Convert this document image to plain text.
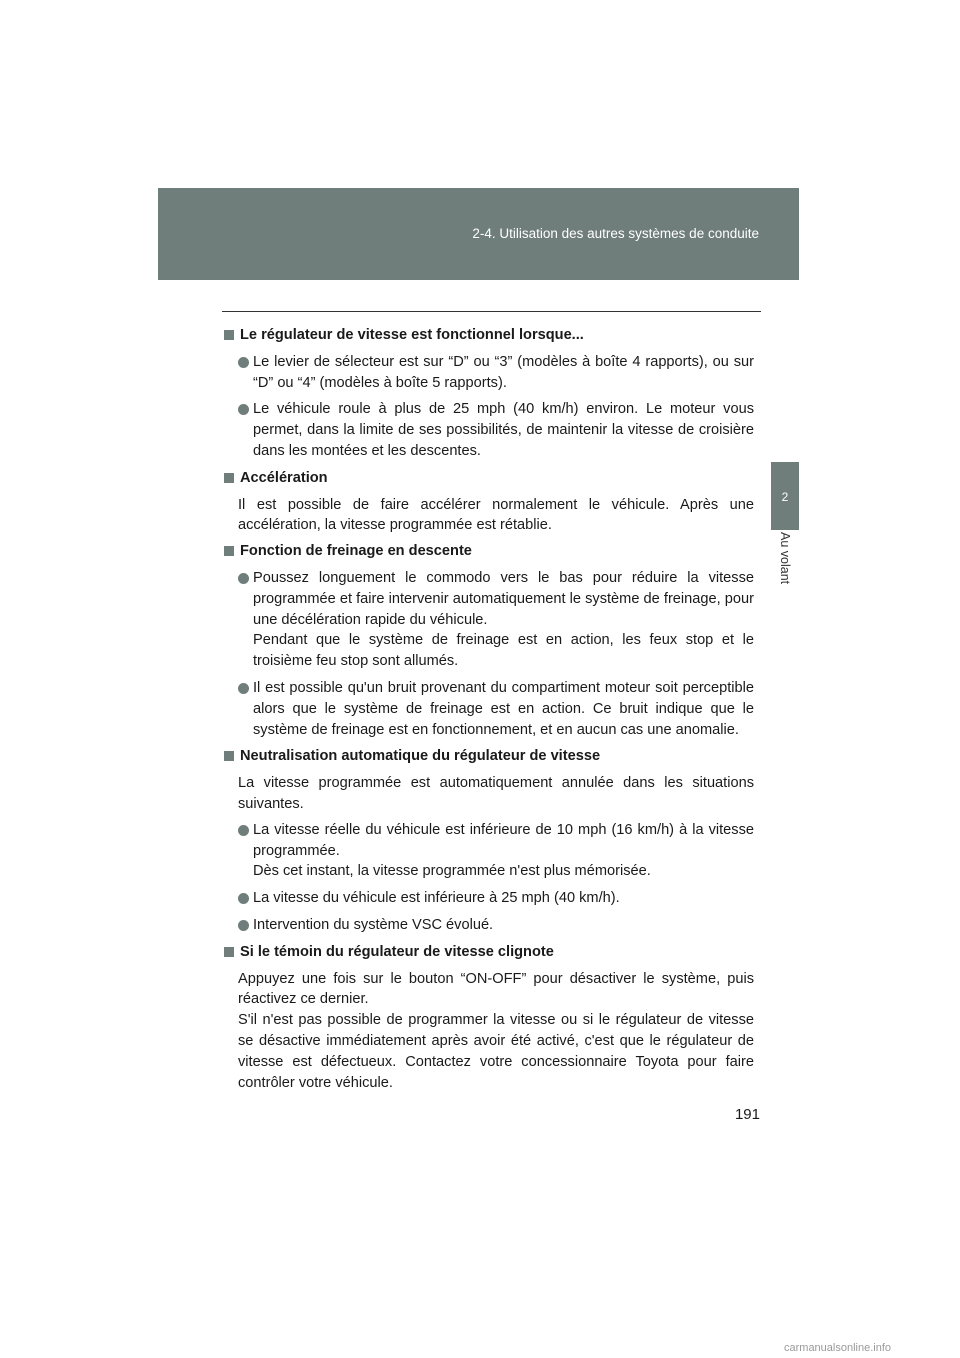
2-4. Utilisation des autres systèmes de conduite
2
Au volant
Le régulateur de vitesse est fonctionnel lorsque...
Le levier de sélecteur est sur “D” ou “3” (modèles à boîte 4 rapports), ou sur “D” ou “4” (modèles à boîte 5 rapports).
Le véhicule roule à plus de 25 mph (40 km/h) environ. Le moteur vous permet, dans la limite de ses possibilités, de maintenir la vitesse de croisière dans les montées et les descentes.
Accélération
Il est possible de faire accélérer normalement le véhicule. Après une accélération, la vitesse programmée est rétablie.
Fonction de freinage en descente
Poussez longuement le commodo vers le bas pour réduire la vitesse programmée et faire intervenir automatiquement le système de freinage, pour une décélération rapide du véhicule.
Pendant que le système de freinage est en action, les feux stop et le troisième feu stop sont allumés.
Il est possible qu'un bruit provenant du compartiment moteur soit perceptible alors que le système de freinage est en action. Ce bruit indique que le système de freinage est en fonctionnement, et en aucun cas une anomalie.
Neutralisation automatique du régulateur de vitesse
La vitesse programmée est automatiquement annulée dans les situations suivantes.
La vitesse réelle du véhicule est inférieure de 10 mph (16 km/h) à la vitesse programmée.
Dès cet instant, la vitesse programmée n'est plus mémorisée.
La vitesse du véhicule est inférieure à 25 mph (40 km/h).
Intervention du système VSC évolué.
Si le témoin du régulateur de vitesse clignote
Appuyez une fois sur le bouton “ON-OFF” pour désactiver le système, puis réactivez ce dernier.
S'il n'est pas possible de programmer la vitesse ou si le régulateur de vitesse se désactive immédiatement après avoir été activé, c'est que le régulateur de vitesse est défectueux. Contactez votre concessionnaire Toyota pour faire contrôler votre véhicule.
191
carmanualsonline.info
